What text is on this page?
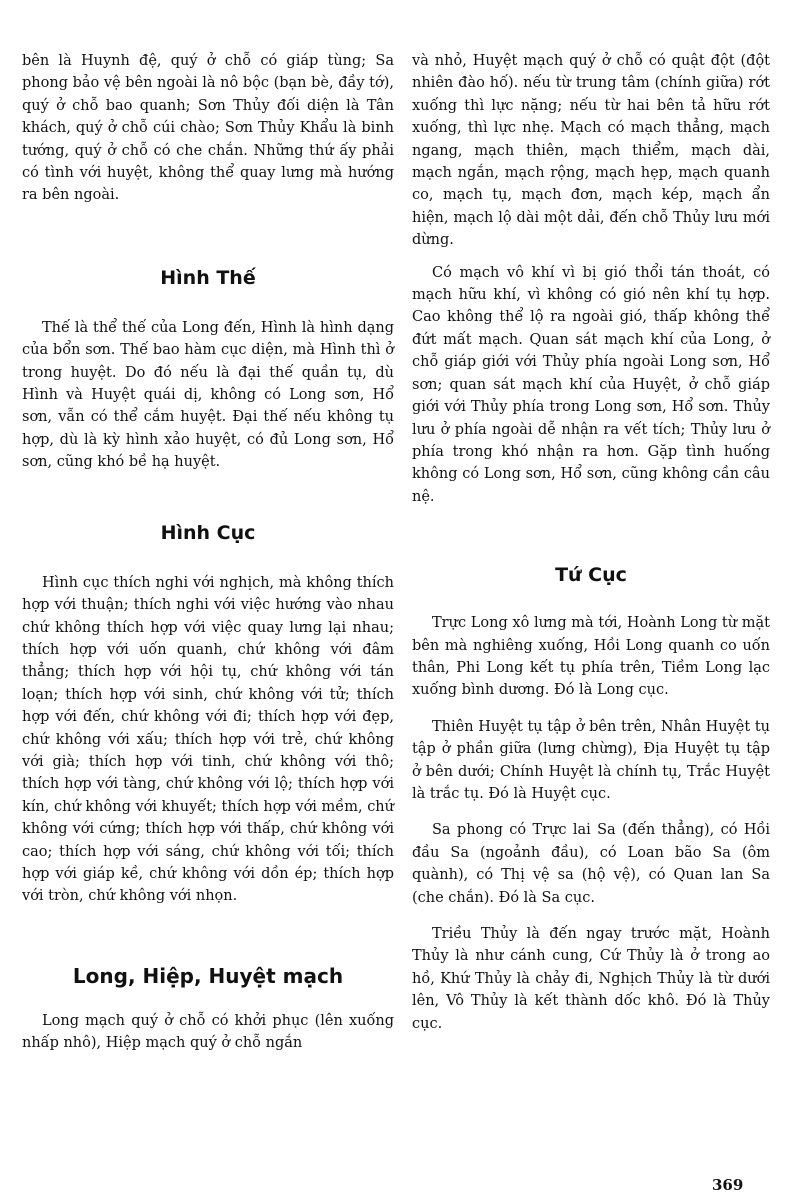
bên là Huynh đệ, quý ở chỗ có giáp tùng; Sa phong bảo vệ bên ngoài là nô bộc (bạn bè, đầy tớ), quý ở chỗ bao quanh; Sơn Thủy đối diện là Tân khách, quý ở chỗ cúi chào; Sơn Thủy Khẩu là binh tướng, quý ở chỗ có che chắn. Những thứ ấy phải có tình với huyệt, không thể quay lưng mà hướng ra bên ngoài.

Hình Thế

Thế là thể thế của Long đến, Hình là hình dạng của bổn sơn. Thế bao hàm cục diện, mà Hình thì ở trong huyệt. Do đó nếu là đại thế quần tụ, dù Hình và Huyệt quái dị, không có Long sơn, Hổ sơn, vẫn có thể cắm huyệt. Đại thế nếu không tụ hợp, dù là kỳ hình xảo huyệt, có đủ Long sơn, Hổ sơn, cũng khó bề hạ huyệt.

Hình Cục

Hình cục thích nghi với nghịch, mà không thích hợp với thuận; thích nghi với việc hướng vào nhau chứ không thích hợp với việc quay lưng lại nhau; thích hợp với uốn quanh, chứ không với đâm thẳng; thích hợp với hội tụ, chứ không với tán loạn; thích hợp với sinh, chứ không với tử; thích hợp với đến, chứ không với đi; thích hợp với đẹp, chứ không với xấu; thích hợp với trẻ, chứ không với già; thích hợp với tinh, chứ không với thô; thích hợp với tàng, chứ không với lộ; thích hợp với kín, chứ không với khuyết; thích hợp với mềm, chứ không với cứng; thích hợp với thấp, chứ không với cao; thích hợp với sáng, chứ không với tối; thích hợp với giáp kề, chứ không với dồn ép; thích hợp với tròn, chứ không với nhọn.

Long, Hiệp, Huyệt mạch

Long mạch quý ở chỗ có khởi phục (lên xuống nhấp nhô), Hiệp mạch quý ở chỗ ngắn

và nhỏ, Huyệt mạch quý ở chỗ có quật đột (đột nhiên đào hố). nếu từ trung tâm (chính giữa) rớt xuống thì lực nặng; nếu từ hai bên tả hữu rớt xuống, thì lực nhẹ. Mạch có mạch thẳng, mạch ngang, mạch thiên, mạch thiểm, mạch dài, mạch ngắn, mạch rộng, mạch hẹp, mạch quanh co, mạch tụ, mạch đơn, mạch kép, mạch ẩn hiện, mạch lộ dài một dải, đến chỗ Thủy lưu mới dừng.

Có mạch vô khí vì bị gió thổi tán thoát, có mạch hữu khí, vì không có gió nên khí tụ hợp. Cao không thể lộ ra ngoài gió, thấp không thể đứt mất mạch. Quan sát mạch khí của Long, ở chỗ giáp giới với Thủy phía ngoài Long sơn, Hổ sơn; quan sát mạch khí của Huyệt, ở chỗ giáp giới với Thủy phía trong Long sơn, Hổ sơn. Thủy lưu ở phía ngoài dễ nhận ra vết tích; Thủy lưu ở phía trong khó nhận ra hơn. Gặp tình huống không có Long sơn, Hổ sơn, cũng không cần câu nệ.

Tứ Cục

Trực Long xô lưng mà tới, Hoành Long từ mặt bên mà nghiêng xuống, Hồi Long quanh co uốn thân, Phi Long kết tụ phía trên, Tiềm Long lạc xuống bình dương. Đó là Long cục.

Thiên Huyệt tụ tập ở bên trên, Nhân Huyệt tụ tập ở phần giữa (lưng chừng), Địa Huyệt tụ tập ở bên dưới; Chính Huyệt là chính tụ, Trắc Huyệt là trắc tụ. Đó là Huyệt cục.

Sa phong có Trực lai Sa (đến thẳng), có Hồi đầu Sa (ngoảnh đầu), có Loan bão Sa (ôm quành), có Thị vệ sa (hộ vệ), có Quan lan Sa (che chắn). Đó là Sa cục.

Triều Thủy là đến ngay trước mặt, Hoành Thủy là như cánh cung, Cứ Thủy là ở trong ao hồ, Khứ Thủy là chảy đi, Nghịch Thủy là từ dưới lên, Vô Thủy là kết thành dốc khô. Đó là Thủy cục.

369
